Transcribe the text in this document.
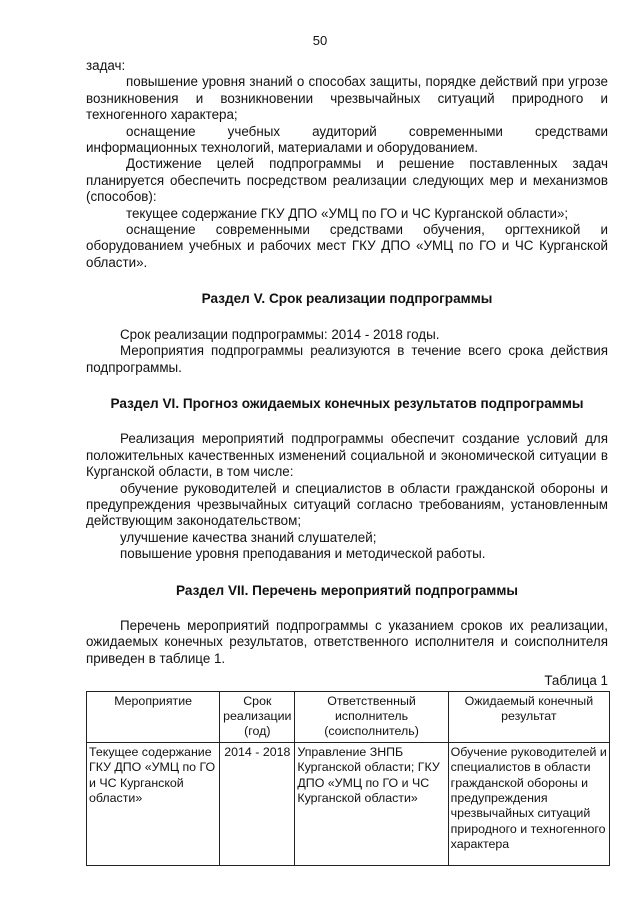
50

задач:

повышение уровня знаний о способах защиты, порядке действий при угрозе возникновения и возникновении чрезвычайных ситуаций природного и техногенного характера;

оснащение учебных аудиторий современными средствами информационных технологий, материалами и оборудованием.

Достижение целей подпрограммы и решение поставленных задач планируется обеспечить посредством реализации следующих мер и механизмов (способов):

текущее содержание ГКУ ДПО «УМЦ по ГО и ЧС Курганской области»;

оснащение современными средствами обучения, оргтехникой и оборудованием учебных и рабочих мест ГКУ ДПО «УМЦ по ГО и ЧС Курганской области».

Раздел V. Срок реализации подпрограммы

Срок реализации подпрограммы: 2014 - 2018 годы.

Мероприятия подпрограммы реализуются в течение всего срока действия подпрограммы.

Раздел VI. Прогноз ожидаемых конечных результатов подпрограммы

Реализация мероприятий подпрограммы обеспечит создание условий для положительных качественных изменений социальной и экономической ситуации в Курганской области, в том числе:

обучение руководителей и специалистов в области гражданской обороны и предупреждения чрезвычайных ситуаций согласно требованиям, установленным действующим законодательством;

улучшение качества знаний слушателей;

повышение уровня преподавания и методической работы.

Раздел VII. Перечень мероприятий подпрограммы

Перечень мероприятий подпрограммы с указанием сроков их реализации, ожидаемых конечных результатов, ответственного исполнителя и соисполнителя приведен в таблице 1.

Таблица 1

Мероприятие	Срок реализации (год)	Ответственный исполнитель (соисполнитель)	Ожидаемый конечный результат
Текущее содержание ГКУ ДПО «УМЦ по ГО и ЧС Курганской области»	2014 - 2018	Управление ЗНПБ Курганской области; ГКУ ДПО «УМЦ по ГО и ЧС Курганской области»	Обучение руководителей и специалистов в области гражданской обороны и предупреждения чрезвычайных ситуаций природного и техногенного характера
